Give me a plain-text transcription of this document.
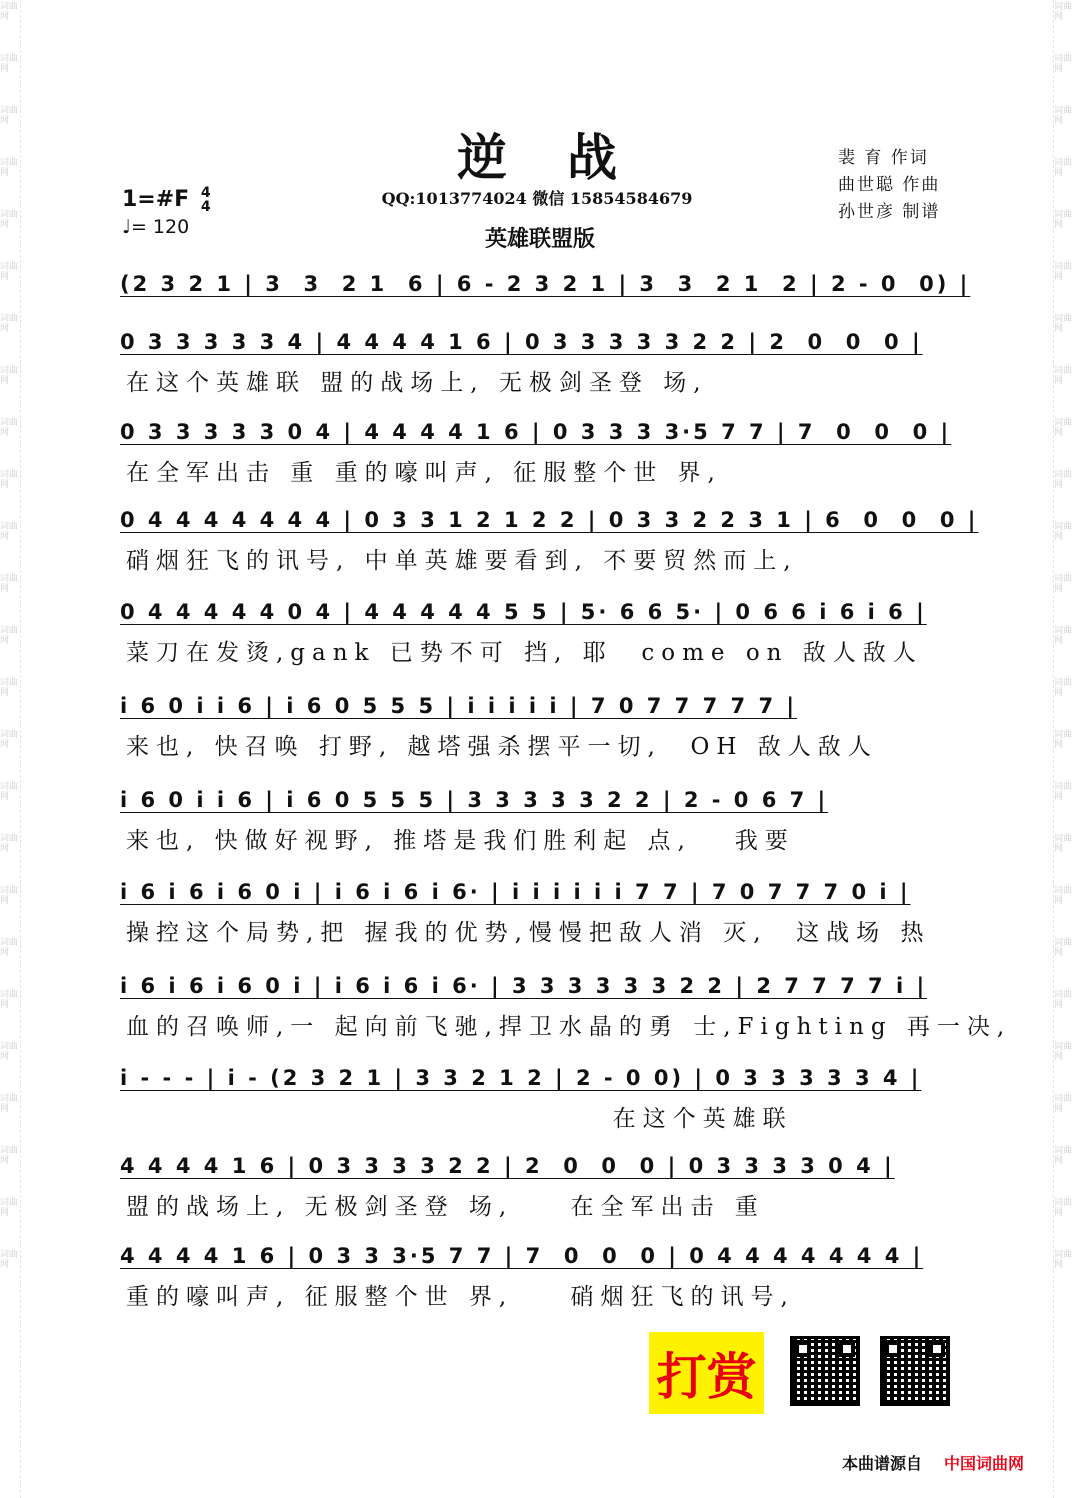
词曲网
词曲网
词曲网
词曲网
词曲网
词曲网
词曲网
词曲网
词曲网
词曲网
词曲网
词曲网
词曲网
词曲网
词曲网
词曲网
词曲网
词曲网
词曲网
词曲网
词曲网
词曲网
词曲网
词曲网
词曲网
词曲网
词曲网
词曲网
词曲网
词曲网
词曲网
词曲网
词曲网
词曲网
词曲网
词曲网
词曲网
词曲网
词曲网
词曲网
词曲网
词曲网
词曲网
词曲网
词曲网
词曲网
词曲网
词曲网
词曲网
词曲网
逆战
QQ:1013774024 微信 15854584679
英雄联盟版
裴 育 作词
曲世聪 作曲
孙世彦 制谱
1=#F 4
4
♩= 120
(2 3 2 1 | 3  3  2 1  6 | 6 - 2 3 2 1 | 3  3  2 1  2 | 2 - 0  0) |
0 3 3 3 3 3 4 | 4 4 4 4 1 6 | 0 3 3 3 3 3 2 2 | 2  0  0  0 |
在这个英雄联 盟的战场上, 无极剑圣登 场,
0 3 3 3 3 3 0 4 | 4 4 4 4 1 6 | 0 3 3 3 3·5 7 7 | 7  0  0  0 |
在全军出击 重 重的嚎叫声, 征服整个世 界,
0 4 4 4 4 4 4 4 | 0 3 3 1 2 1 2 2 | 0 3 3 2 2 3 1 | 6  0  0  0 |
硝烟狂飞的讯号, 中单英雄要看到, 不要贸然而上,
0 4 4 4 4 4 0 4 | 4 4 4 4 4 5 5 | 5· 6 6 5· | 0 6 6 i 6 i 6 |
菜刀在发烫,gank 已势不可 挡, 耶  come on 敌人敌人
i 6 0 i i 6 | i 6 0 5 5 5 | i i i i i | 7 0 7 7 7 7 7 |
来也, 快召唤 打野, 越塔强杀摆平一切,  OH 敌人敌人
i 6 0 i i 6 | i 6 0 5 5 5 | 3 3 3 3 3 2 2 | 2 - 0 6 7 |
来也, 快做好视野, 推塔是我们胜利起 点,   我要
i 6 i 6 i 6 0 i | i 6 i 6 i 6· | i i i i i i 7 7 | 7 0 7 7 7 0 i |
操控这个局势,把 握我的优势,慢慢把敌人消 灭,  这战场 热
i 6 i 6 i 6 0 i | i 6 i 6 i 6· | 3 3 3 3 3 3 2 2 | 2 7 7 7 7 i |
血的召唤师,一 起向前飞驰,捍卫水晶的勇 士,Fighting 再一决,
i - - - | i - (2 3 2 1 | 3 3 2 1 2 | 2 - 0 0) | 0 3 3 3 3 3 4 |
在这个英雄联
4 4 4 4 1 6 | 0 3 3 3 3 2 2 | 2  0  0  0 | 0 3 3 3 3 0 4 |
盟的战场上, 无极剑圣登 场,    在全军出击 重
4 4 4 4 1 6 | 0 3 3 3·5 7 7 | 7  0  0  0 | 0 4 4 4 4 4 4 4 |
重的嚎叫声, 征服整个世 界,    硝烟狂飞的讯号,
打赏
本曲谱源自 中国词曲网
